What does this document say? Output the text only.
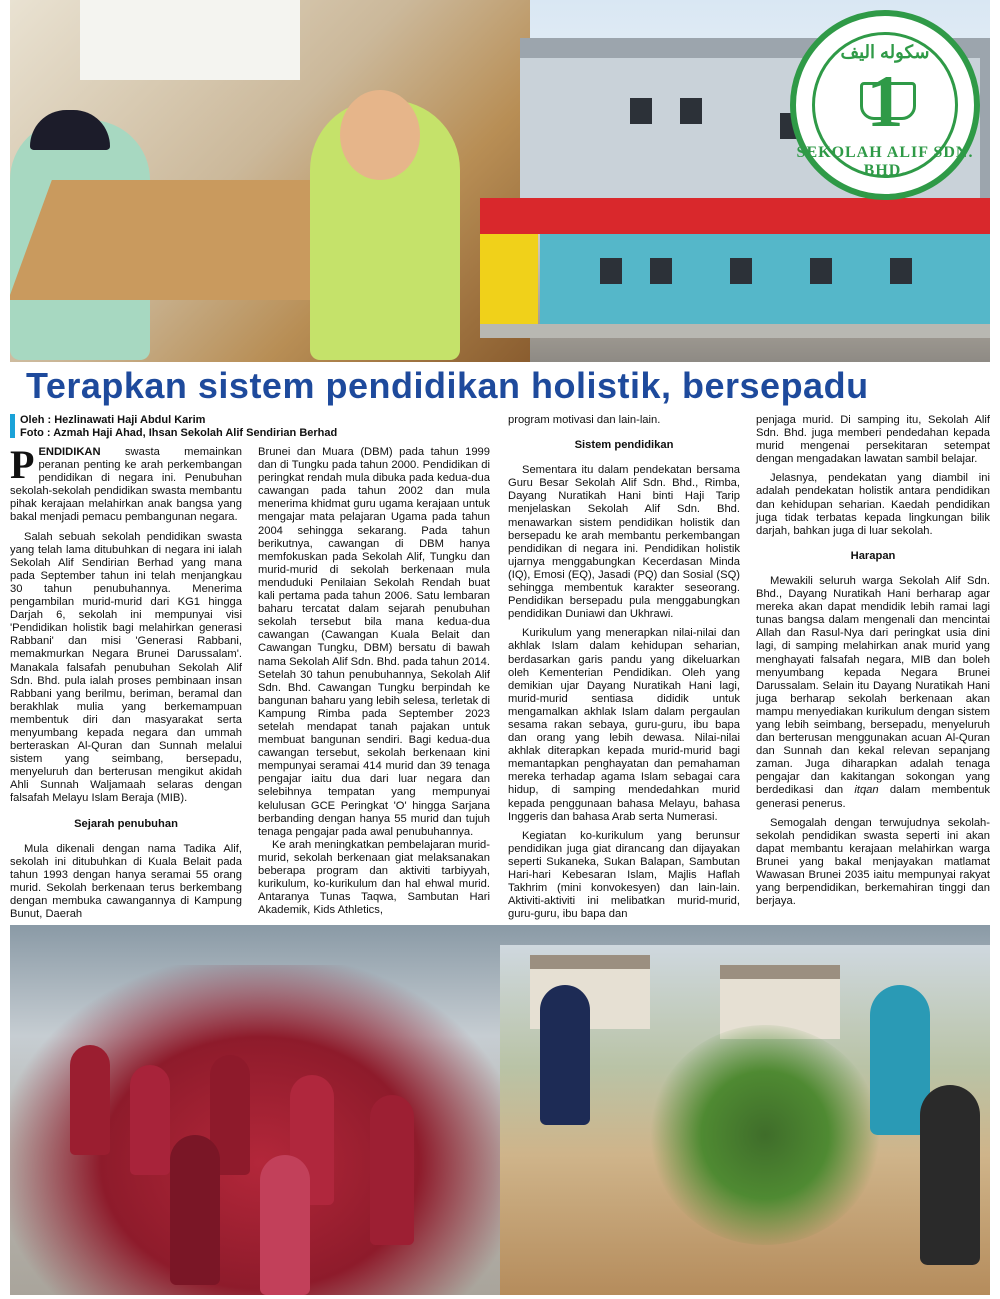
سکوله اليف
1
SEKOLAH ALIF SDN. BHD.
Terapkan sistem pendidikan holistik, bersepadu
Oleh : Hezlinawati Haji Abdul Karim
Foto : Azmah Haji Ahad, Ihsan Sekolah Alif Sendirian Berhad

PENDIDIKAN swasta memainkan peranan penting ke arah perkembangan pendidikan di negara ini. Penubuhan sekolah-sekolah pendidikan swasta membantu pihak kerajaan melahirkan anak bangsa yang bakal menjadi pemacu pembangunan negara.

Salah sebuah sekolah pendidikan swasta yang telah lama ditubuhkan di negara ini ialah Sekolah Alif Sendirian Berhad yang mana pada September tahun ini telah menjangkau 30 tahun penubuhannya. Menerima pengambilan murid-murid dari KG1 hingga Darjah 6, sekolah ini mempunyai visi 'Pendidikan holistik bagi melahirkan generasi Rabbani' dan misi 'Generasi Rabbani, memakmurkan Negara Brunei Darussalam'. Manakala falsafah penubuhan Sekolah Alif Sdn. Bhd. pula ialah proses pembinaan insan Rabbani yang berilmu, beriman, beramal dan berakhlak mulia yang berkemampuan membentuk diri dan masyarakat serta menyumbang kepada negara dan ummah berteraskan Al-Quran dan Sunnah melalui sistem yang seimbang, bersepadu, menyeluruh dan berterusan mengikut akidah Ahli Sunnah Waljamaah selaras dengan falsafah Melayu Islam Beraja (MIB).

Sejarah penubuhan

Mula dikenali dengan nama Tadika Alif, sekolah ini ditubuhkan di Kuala Belait pada tahun 1993 dengan hanya seramai 55 orang murid. Sekolah berkenaan terus berkembang dengan membuka cawangannya di Kampung Bunut, Daerah

Brunei dan Muara (DBM) pada tahun 1999 dan di Tungku pada tahun 2000. Pendidikan di peringkat rendah mula dibuka pada kedua-dua cawangan pada tahun 2002 dan mula menerima khidmat guru ugama kerajaan untuk mengajar mata pelajaran Ugama pada tahun 2004 sehingga sekarang. Pada tahun berikutnya, cawangan di DBM hanya memfokuskan pada Sekolah Alif, Tungku dan murid-murid di sekolah berkenaan mula menduduki Penilaian Sekolah Rendah buat kali pertama pada tahun 2006. Satu lembaran baharu tercatat dalam sejarah penubuhan sekolah tersebut bila mana kedua-dua cawangan (Cawangan Kuala Belait dan Cawangan Tungku, DBM) bersatu di bawah nama Sekolah Alif Sdn. Bhd. pada tahun 2014. Setelah 30 tahun penubuhannya, Sekolah Alif Sdn. Bhd. Cawangan Tungku berpindah ke bangunan baharu yang lebih selesa, terletak di Kampung Rimba pada September 2023 setelah mendapat tanah pajakan untuk membuat bangunan sendiri. Bagi kedua-dua cawangan tersebut, sekolah berkenaan kini mempunyai seramai 414 murid dan 39 tenaga pengajar iaitu dua dari luar negara dan selebihnya tempatan yang mempunyai kelulusan GCE Peringkat 'O' hingga Sarjana berbanding dengan hanya 55 murid dan tujuh tenaga pengajar pada awal penubuhannya.

Ke arah meningkatkan pembelajaran murid-murid, sekolah berkenaan giat melaksanakan beberapa program dan aktiviti tarbiyyah, kurikulum, ko-kurikulum dan hal ehwal murid. Antaranya Tunas Taqwa, Sambutan Hari Akademik, Kids Athletics,

program motivasi dan lain-lain.

Sistem pendidikan

Sementara itu dalam pendekatan bersama Guru Besar Sekolah Alif Sdn. Bhd., Rimba, Dayang Nuratikah Hani binti Haji Tarip menjelaskan Sekolah Alif Sdn. Bhd. menawarkan sistem pendidikan holistik dan bersepadu ke arah membantu perkembangan pendidikan di negara ini. Pendidikan holistik ujarnya menggabungkan Kecerdasan Minda (IQ), Emosi (EQ), Jasadi (PQ) dan Sosial (SQ) sehingga membentuk karakter seseorang. Pendidikan bersepadu pula menggabungkan pendidikan Duniawi dan Ukhrawi.

Kurikulum yang menerapkan nilai-nilai dan akhlak Islam dalam kehidupan seharian, berdasarkan garis pandu yang dikeluarkan oleh Kementerian Pendidikan. Oleh yang demikian ujar Dayang Nuratikah Hani lagi, murid-murid sentiasa dididik untuk mengamalkan akhlak Islam dalam pergaulan sesama rakan sebaya, guru-guru, ibu bapa dan orang yang lebih dewasa. Nilai-nilai akhlak diterapkan kepada murid-murid bagi memantapkan penghayatan dan pemahaman mereka terhadap agama Islam sebagai cara hidup, di samping mendedahkan murid kepada penggunaan bahasa Melayu, bahasa Inggeris dan bahasa Arab serta Numerasi.

Kegiatan ko-kurikulum yang berunsur pendidikan juga giat dirancang dan dijayakan seperti Sukaneka, Sukan Balapan, Sambutan Hari-hari Kebesaran Islam, Majlis Haflah Takhrim (mini konvokesyen) dan lain-lain. Aktiviti-aktiviti ini melibatkan murid-murid, guru-guru, ibu bapa dan

penjaga murid. Di samping itu, Sekolah Alif Sdn. Bhd. juga memberi pendedahan kepada murid mengenai persekitaran setempat dengan mengadakan lawatan sambil belajar.

Jelasnya, pendekatan yang diambil ini adalah pendekatan holistik antara pendidikan dan kehidupan seharian. Kaedah pendidikan juga tidak terbatas kepada lingkungan bilik darjah, bahkan juga di luar sekolah.

Harapan

Mewakili seluruh warga Sekolah Alif Sdn. Bhd., Dayang Nuratikah Hani berharap agar mereka akan dapat mendidik lebih ramai lagi tunas bangsa dalam mengenali dan mencintai Allah dan Rasul-Nya dari peringkat usia dini lagi, di samping melahirkan anak murid yang menghayati falsafah negara, MIB dan boleh menyumbang kepada Negara Brunei Darussalam. Selain itu Dayang Nuratikah Hani juga berharap sekolah berkenaan akan mampu menyediakan kurikulum dengan sistem yang lebih seimbang, bersepadu, menyeluruh dan berterusan menggunakan acuan Al-Quran dan Sunnah dan kekal relevan sepanjang zaman. Juga diharapkan adalah tenaga pengajar dan kakitangan sokongan yang berdedikasi dan itqan dalam membentuk generasi penerus.

Semogalah dengan terwujudnya sekolah-sekolah pendidikan swasta seperti ini akan dapat membantu kerajaan melahirkan warga Brunei yang bakal menjayakan matlamat Wawasan Brunei 2035 iaitu mempunyai rakyat yang berpendidikan, berkemahiran tinggi dan berjaya.
